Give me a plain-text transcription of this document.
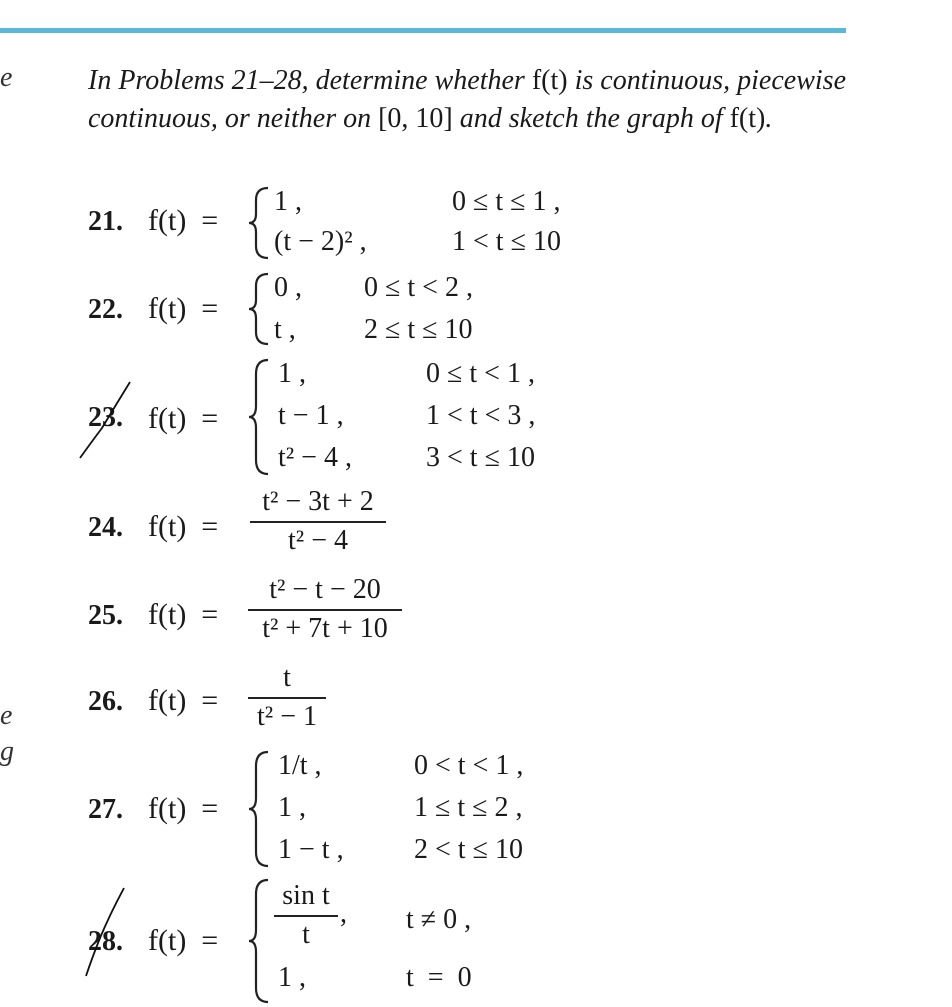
e
e
g
In Problems 21–28, determine whether f(t) is continuous, piecewise continuous, or neither on [0, 10] and sketch the graph of f(t).
21. f(t)  =
1 ,	0 ≤ t ≤ 1 ,
(t − 2)² ,	1 < t ≤ 10
22. f(t)  =
0 , 0 ≤ t < 2 ,
t , 2 ≤ t ≤ 10
23. f(t)  =
1 ,	0 ≤ t < 1 ,
t − 1 ,	1 < t < 3 ,
t² − 4 ,	3 < t ≤ 10
24. f(t)  =
t² − 3t + 2
t² − 4
25. f(t)  =
t² − t − 20
t² + 7t + 10
26. f(t)  =
t
t² − 1
27. f(t)  =
1/t ,	0 < t < 1 ,
1 ,	1 ≤ t ≤ 2 ,
1 − t ,	2 < t ≤ 10
28. f(t)  =
sin t
t
, t ≠ 0 ,
1 ,	t  =  0
